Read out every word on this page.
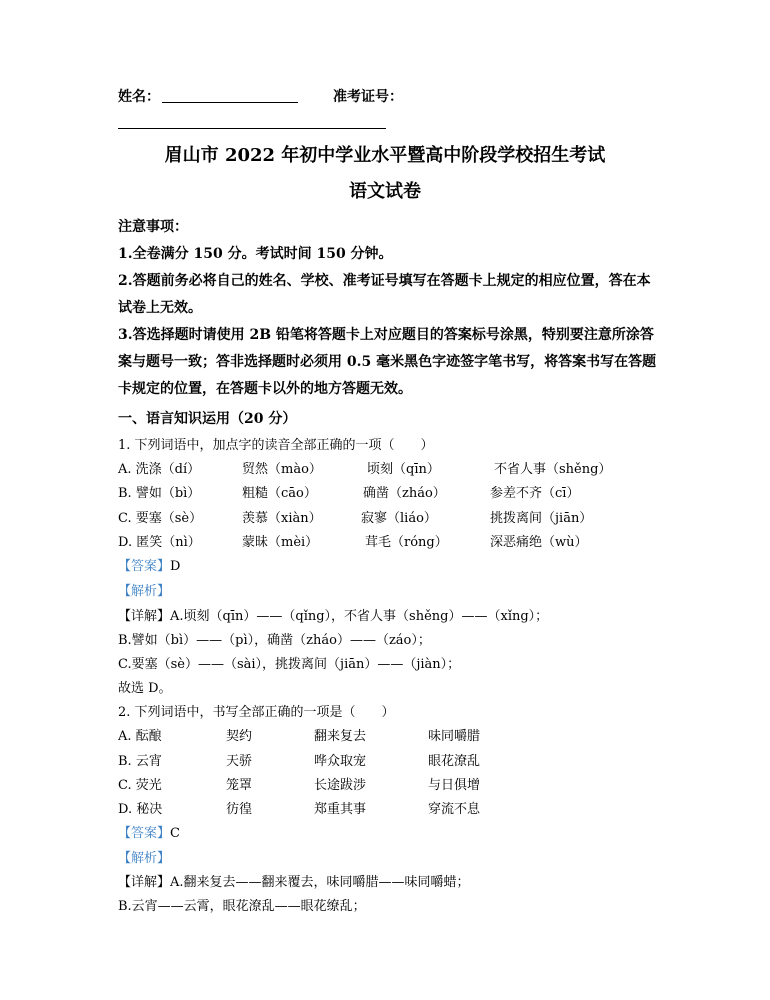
姓名：	准考证号：
眉山市 2022 年初中学业水平暨高中阶段学校招生考试
语文试卷
注意事项：
1.全卷满分 150 分。考试时间 150 分钟。
2.答题前务必将自己的姓名、学校、准考证号填写在答题卡上规定的相应位置，答在本试卷上无效。
3.答选择题时请使用 2B 铅笔将答题卡上对应题目的答案标号涂黑，特别要注意所涂答案与题号一致；答非选择题时必须用 0.5 毫米黑色字迹签字笔书写，将答案书写在答题卡规定的位置，在答题卡以外的地方答题无效。
一、语言知识运用（20 分）
1. 下列词语中，加点字的读音全部正确的一项（　　）
A. 洗涤（dí）	贸然（mào）	顷刻（qīn）	不省人事（shěng）
B. 譬如（bì）	粗糙（cāo）	确凿（zháo）	参差不齐（cī）
C. 要塞（sè）	羡慕（xiàn）	寂寥（liáo）	挑拨离间（jiān）
D. 匿笑（nì）	蒙昧（mèi）	茸毛（róng）	深恶痛绝（wù）
【答案】D
【解析】
【详解】A.顷刻（qīn）——（qǐng），不省人事（shěng）——（xǐng）；
B.譬如（bì）——（pì），确凿（zháo）——（záo）；
C.要塞（sè）——（sài），挑拨离间（jiān）——（jiàn）；
故选 D。
2. 下列词语中，书写全部正确的一项是（　　）
A. 酝酿	契约	翻来复去	味同嚼腊
B. 云宵	天骄	哗众取宠	眼花潦乱
C. 荧光	笼罩	长途跋涉	与日俱增
D. 秘决	彷徨	郑重其事	穿流不息
【答案】C
【解析】
【详解】A.翻来复去——翻来覆去，味同嚼腊——味同嚼蜡；
B.云宵——云霄，眼花潦乱——眼花缭乱；
